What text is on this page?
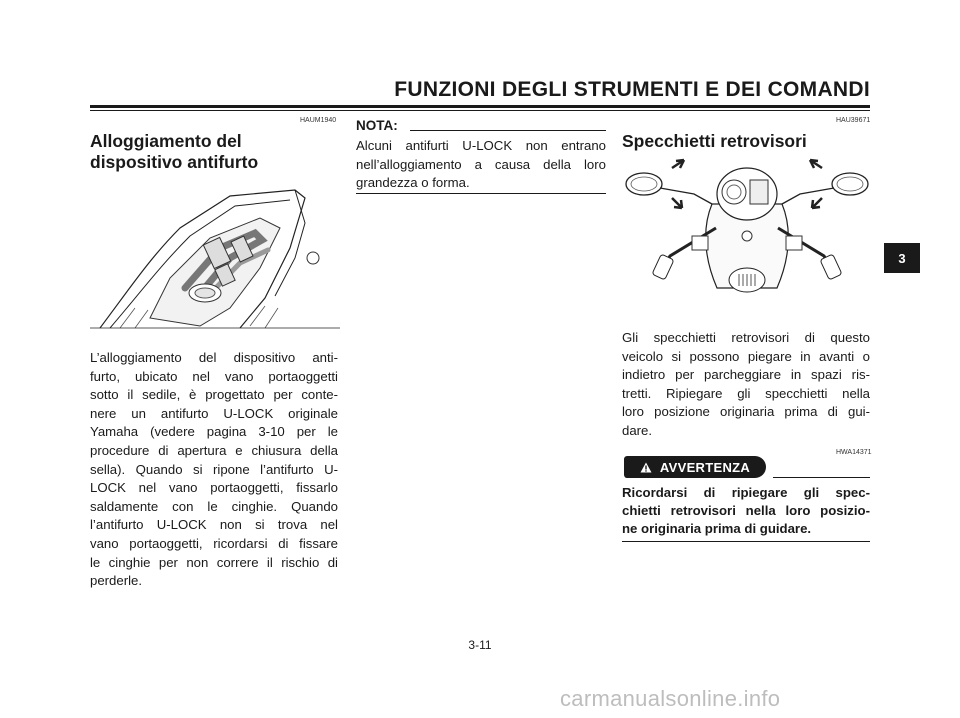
FUNZIONI DEGLI STRUMENTI E DEI COMANDI
HAUM1940
Alloggiamento del
dispositivo antifurto
L’alloggiamento del dispositivo anti-
furto, ubicato nel vano portaoggetti
sotto il sedile, è progettato per conte-
nere un antifurto U-LOCK originale
Yamaha (vedere pagina 3-10 per le
procedure di apertura e chiusura della
sella). Quando si ripone l’antifurto U-
LOCK nel vano portaoggetti, fissarlo
saldamente con le cinghie. Quando
l’antifurto U-LOCK non si trova nel
vano portaoggetti, ricordarsi di fissare
le cinghie per non correre il rischio di
perderle.
NOTA:
Alcuni antifurti U-LOCK non entrano
nell’alloggiamento a causa della loro
grandezza o forma.
HAU39671
Specchietti retrovisori
Gli specchietti retrovisori di questo
veicolo si possono piegare in avanti o
indietro per parcheggiare in spazi ris-
tretti. Ripiegare gli specchietti nella
loro posizione originaria prima di gui-
dare.
HWA14371
AVVERTENZA
Ricordarsi di ripiegare gli spec-
chietti retrovisori nella loro posizio-
ne originaria prima di guidare.
3
3-11
carmanualsonline.info
